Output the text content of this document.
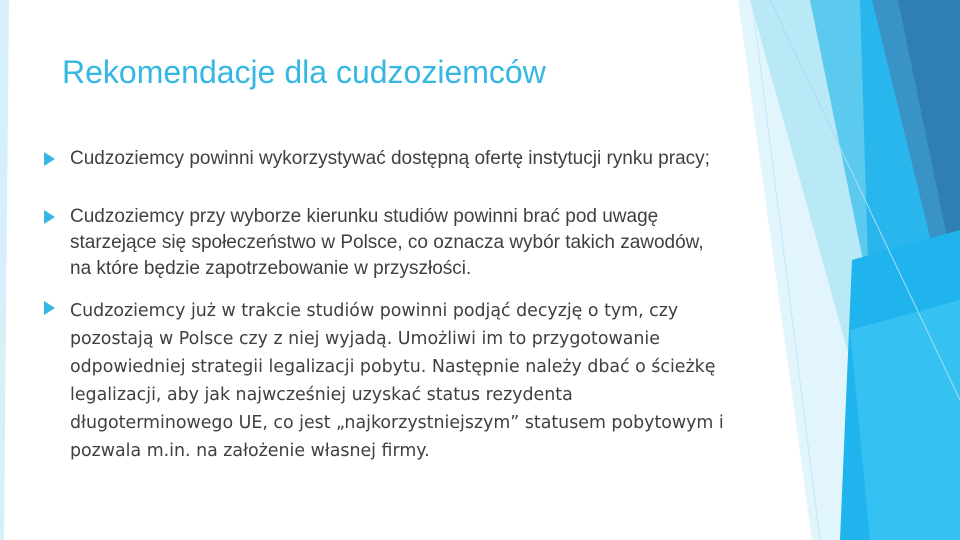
Rekomendacje dla cudzoziemców

Cudzoziemcy powinni wykorzystywać dostępną ofertę instytucji rynku pracy;

Cudzoziemcy przy wyborze kierunku studiów powinni brać pod uwagę starzejące się społeczeństwo w Polsce, co oznacza wybór takich zawodów, na które będzie zapotrzebowanie w przyszłości.

Cudzoziemcy już w trakcie studiów powinni podjąć decyzję o tym, czy pozostają w Polsce czy z niej wyjadą. Umożliwi im to przygotowanie odpowiedniej strategii legalizacji pobytu. Następnie należy dbać o ścieżkę legalizacji, aby jak najwcześniej uzyskać status rezydenta długoterminowego UE, co jest „najkorzystniejszym” statusem pobytowym i pozwala m.in. na założenie własnej firmy.
